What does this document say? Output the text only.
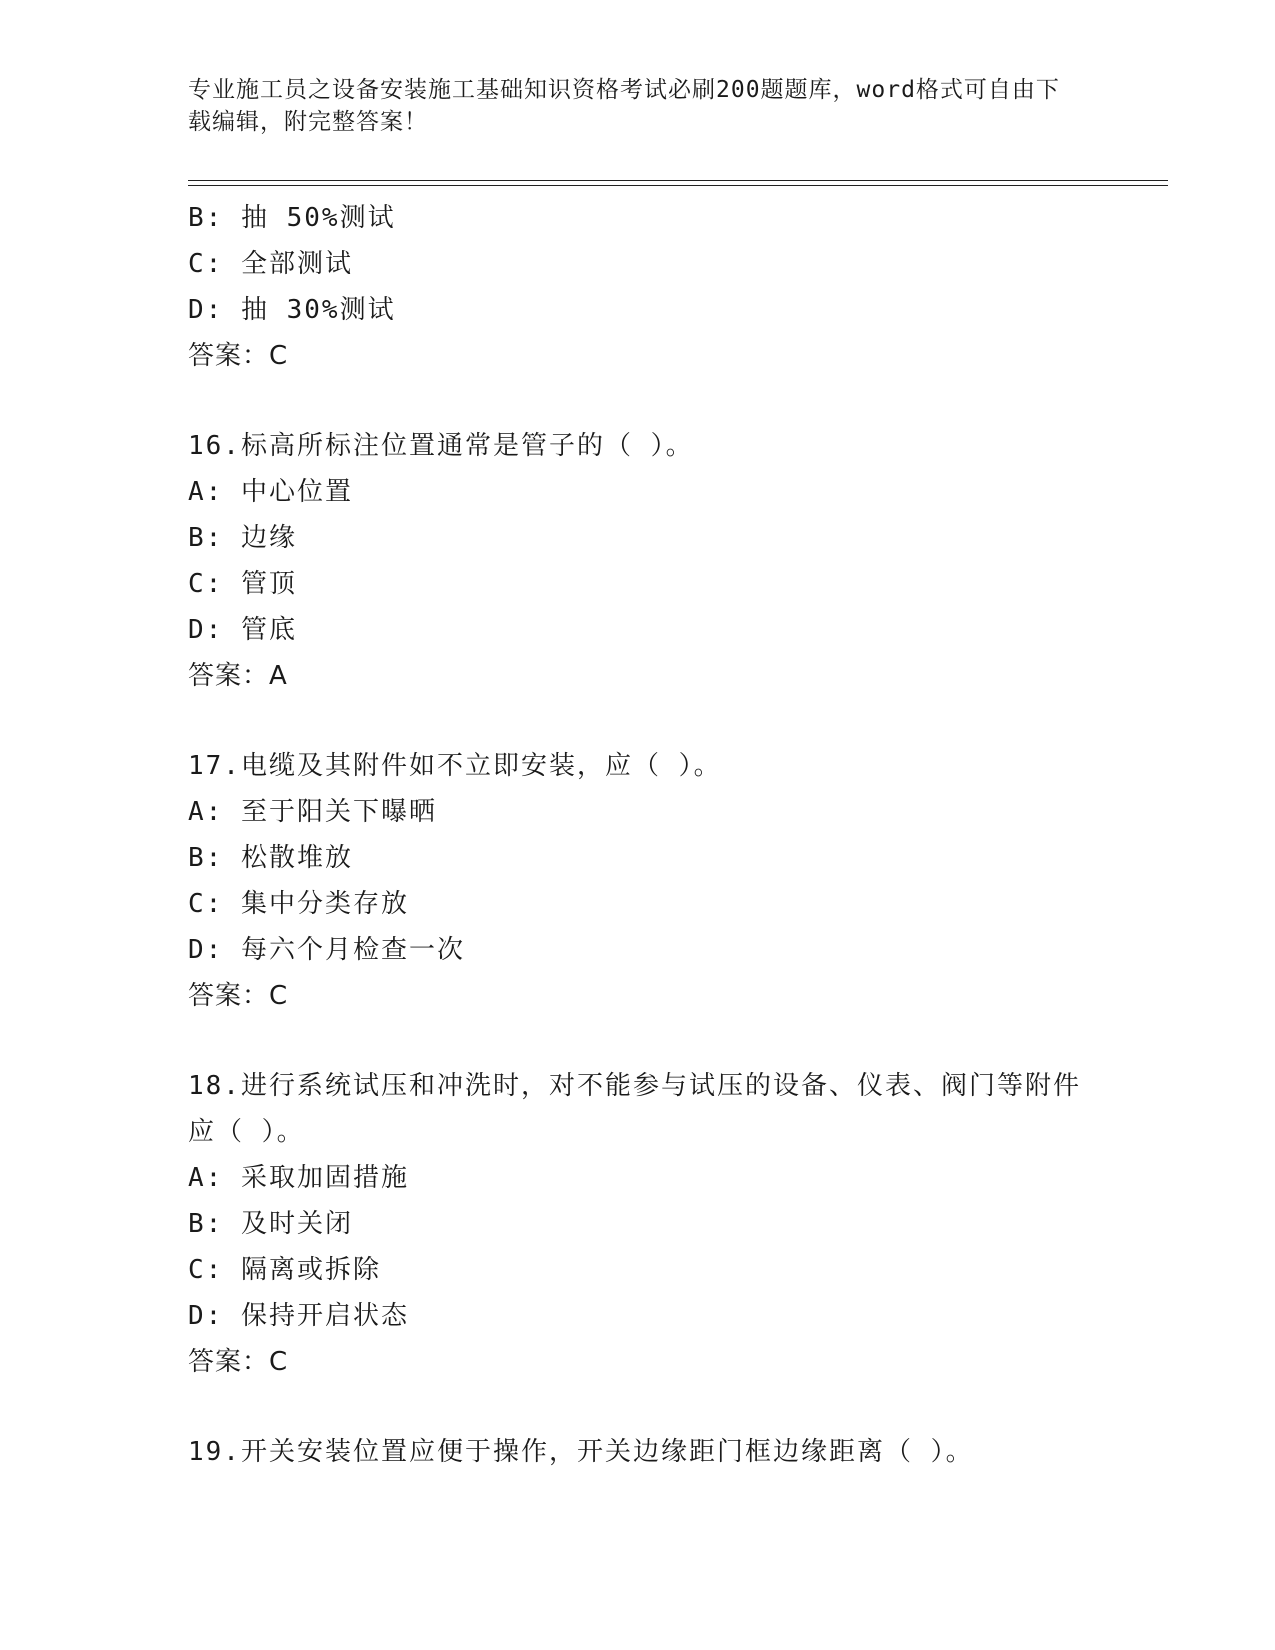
专业施工员之设备安装施工基础知识资格考试必刷200题题库，word格式可自由下载编辑，附完整答案！
B: 抽 50%测试
C: 全部测试
D: 抽 30%测试
答案：C
16.标高所标注位置通常是管子的（ ）。
A: 中心位置
B: 边缘
C: 管顶
D: 管底
答案：A
17.电缆及其附件如不立即安装，应（ ）。
A: 至于阳关下曝晒
B: 松散堆放
C: 集中分类存放
D: 每六个月检查一次
答案：C
18.进行系统试压和冲洗时，对不能参与试压的设备、仪表、阀门等附件应（ ）。
A: 采取加固措施
B: 及时关闭
C: 隔离或拆除
D: 保持开启状态
答案：C
19.开关安装位置应便于操作，开关边缘距门框边缘距离（ ）。
